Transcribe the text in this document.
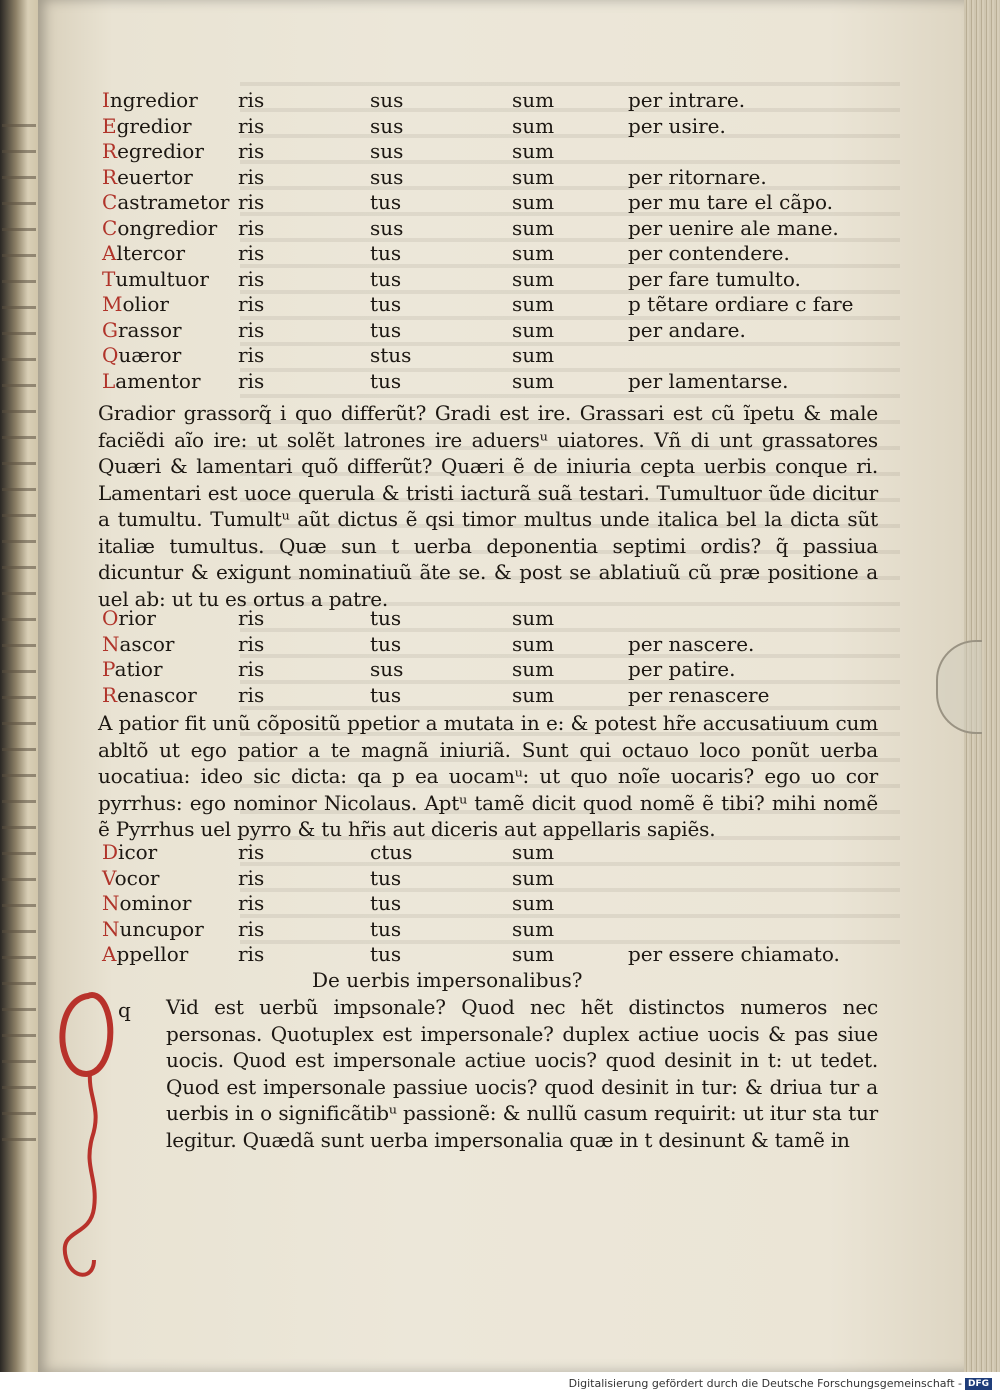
Ingredior ris	sus	sum	per intrare.
Egredior ris	sus	sum	per usire.
Regredior ris	sus	sum
Reuertor ris	sus	sum	per ritornare.
Castrametor ris	tus	sum	per mu tare el cãpo.
Congredior ris	sus	sum	per uenire ale mane.
Altercor	ris	tus	sum	per contendere.
Tumultuor ris	tus	sum	per fare tumulto.
Molior	ris	tus	sum	p tẽtare ordiare c fare
Grassor	ris	tus	sum	per andare.
Quæror	ris	stus	sum
Lamentor ris	tus	sum	per lamentarse.
Gradior grassorq̃ i quo differũt? Gradi est ire. Grassari est cũ ĩpetu & male faciẽdi aĩo ire: ut solẽt latrones ire aduersᵘ uiatores. Vñ di unt grassatores Quæri & lamentari quõ differũt? Quæri ẽ de iniuria cepta uerbis conque ri. Lamentari est uoce querula & tristi iacturã suã testari. Tumultuor ũde dicitur a tumultu. Tumultᵘ aũt dictus ẽ qsi timor multus unde italica bel la dicta sũt italiæ tumultus. Quæ sun t uerba deponentia septimi ordis? q̃ passiua dicuntur & exigunt nominatiuũ ãte se. & post se ablatiuũ cũ præ positione a uel ab: ut tu es ortus a patre.
Orior	ris	tus	sum
Nascor	ris	tus	sum	per nascere.
Patior	ris	sus	sum	per patire.
Renascor ris	tus	sum	per renascere
A patior fit unũ cõpositũ ppetior a mutata in e: & potest hr̃e accusatiuum cum abltõ ut ego patior a te magnã iniuriã. Sunt qui octauo loco ponũt uerba uocatiua: ideo sic dicta: qa p ea uocamᵘ: ut quo noĩe uocaris? ego uo cor pyrrhus: ego nominor Nicolaus. Aptᵘ tamẽ dicit quod nomẽ ẽ tibi? mihi nomẽ ẽ Pyrrhus uel pyrro & tu hr̃is aut diceris aut appellaris sapiẽs.
Dicor	ris	ctus	sum
Vocor	ris	tus	sum
Nominor ris	tus	sum
Nuncupor ris	tus	sum
Appellor ris	tus	sum	per essere chiamato.
De uerbis impersonalibus?
q Vid est uerbũ impsonale? Quod nec hẽt distinctos numeros nec personas. Quotuplex est impersonale? duplex actiue uocis & pas siue uocis. Quod est impersonale actiue uocis? quod desinit in t: ut tedet. Quod est impersonale passiue uocis? quod desinit in tur: & driua tur a uerbis in o significãtibᵘ passionẽ: & nullũ casum requirit: ut itur sta tur legitur. Quædã sunt uerba impersonalia quæ in t desinunt & tamẽ in
Digitalisierung gefördert durch die Deutsche Forschungsgemeinschaft - DFG
